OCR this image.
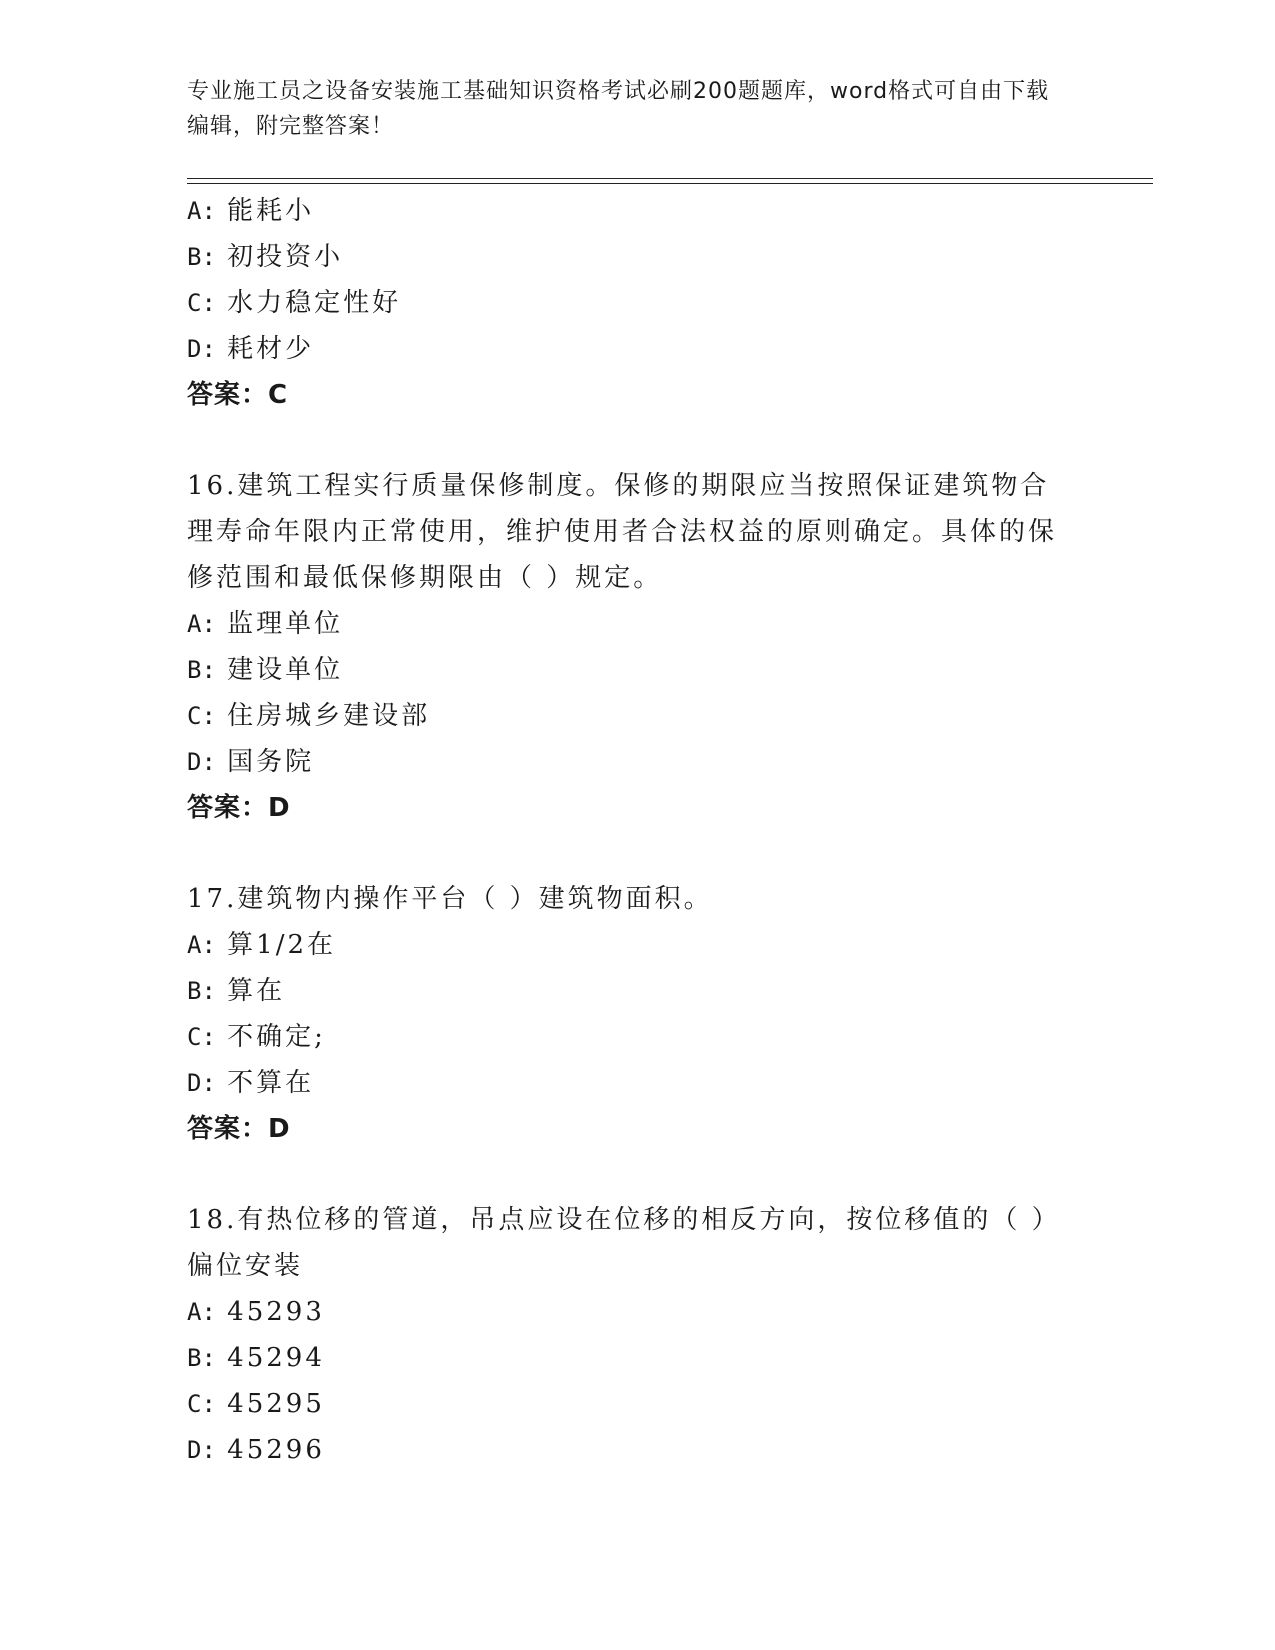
专业施工员之设备安装施工基础知识资格考试必刷200题题库，word格式可自由下载编辑，附完整答案！
A: 能耗小
B: 初投资小
C: 水力稳定性好
D: 耗材少
答案：C
16.建筑工程实行质量保修制度。保修的期限应当按照保证建筑物合理寿命年限内正常使用，维护使用者合法权益的原则确定。具体的保修范围和最低保修期限由（ ）规定。
A: 监理单位
B: 建设单位
C: 住房城乡建设部
D: 国务院
答案：D
17.建筑物内操作平台（ ）建筑物面积。
A: 算1/2在
B: 算在
C: 不确定;
D: 不算在
答案：D
18.有热位移的管道，吊点应设在位移的相反方向，按位移值的（ ）偏位安装
A: 45293
B: 45294
C: 45295
D: 45296
